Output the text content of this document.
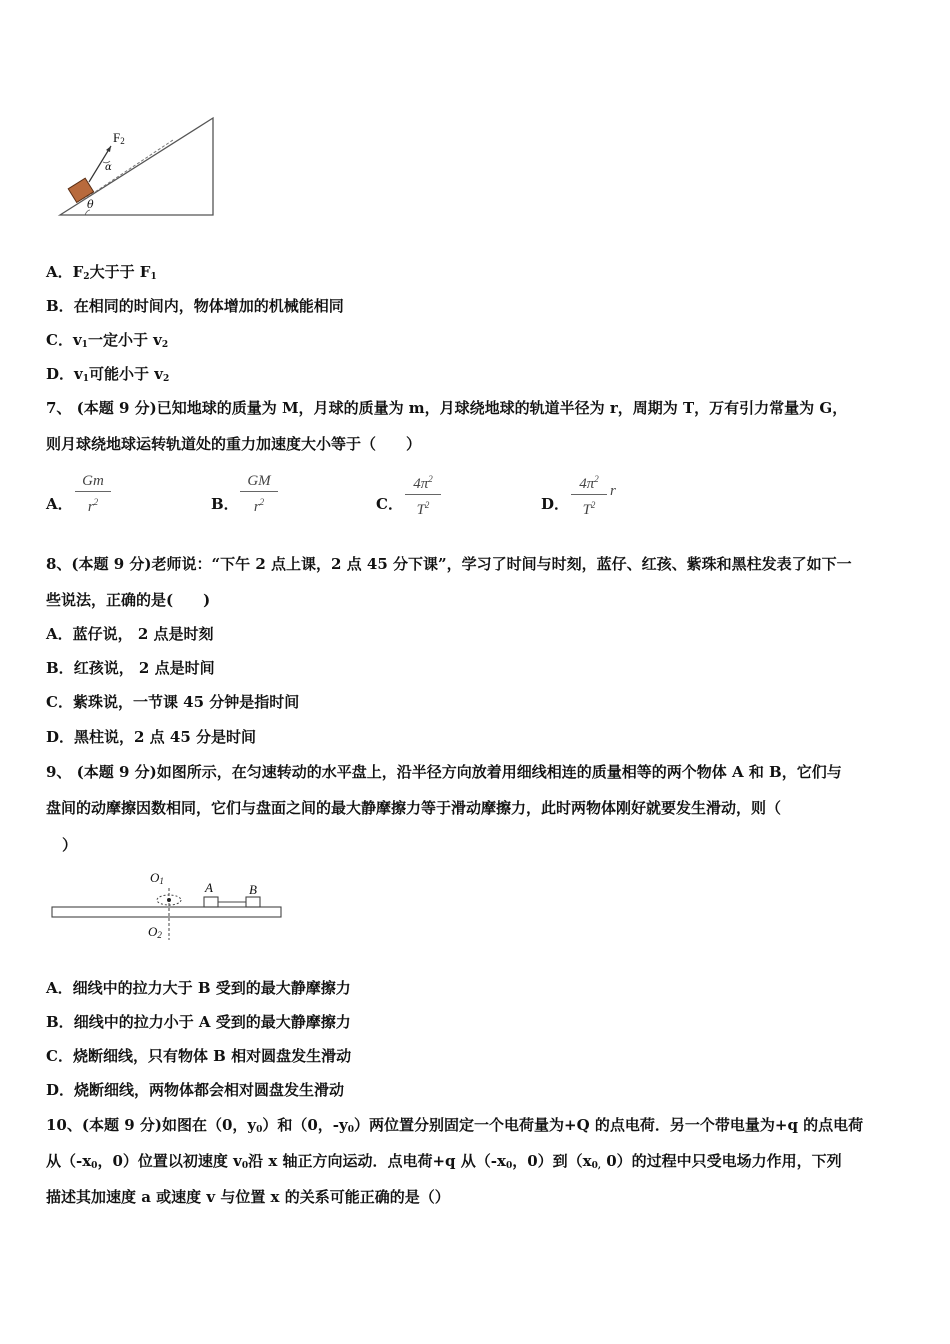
$F_2$
α
θ
A．$F_2$大于于 $F_1$
B．在相同的时间内，物体增加的机械能相同
C．$v_1$一定小于 $v_2$
D．$v_1$可能小于 $v_2$
7、 (本题 9 分)已知地球的质量为 M，月球的质量为 m，月球绕地球的轨道半径为 r，周期为 T，万有引力常量为 G，
则月球绕地球运转轨道处的重力加速度大小等于（　　）
A．
Gm
$r^2$	B．
GM
$r^2$	C．
$4\pi^2$
$T^2$	D．
$4\pi^2$
$T^2$
r
8、(本题 9 分)老师说：“下午 2 点上课，2 点 45 分下课”，学习了时间与时刻，蓝仔、红孩、紫珠和黑柱发表了如下一
些说法，正确的是(　　)
A．蓝仔说， 2 点是时刻
B．红孩说， 2 点是时间
C．紫珠说，一节课 45 分钟是指时间
D．黑柱说，2 点 45 分是时间
9、 (本题 9 分)如图所示，在匀速转动的水平盘上，沿半径方向放着用细线相连的质量相等的两个物体 A 和 B，它们与
盘间的动摩擦因数相同，它们与盘面之间的最大静摩擦力等于滑动摩擦力，此时两物体刚好就要发生滑动，则（
）
$O_1$	A	B
$O_2$
A．细线中的拉力大于 B 受到的最大静摩擦力
B．细线中的拉力小于 A 受到的最大静摩擦力
C．烧断细线，只有物体 B 相对圆盘发生滑动
D．烧断细线，两物体都会相对圆盘发生滑动
10、(本题 9 分)如图在（0，$y_0$）和（0，$-y_0$）两位置分别固定一个电荷量为+Q 的点电荷．另一个带电量为+q 的点电荷
从（$-x_0$，0）位置以初速度 $v_0$沿 x 轴正方向运动．点电荷+q 从（$-x_0$，0）到（$x_{0,}$ 0）的过程中只受电场力作用，下列
描述其加速度 a 或速度 v 与位置 x 的关系可能正确的是（）
